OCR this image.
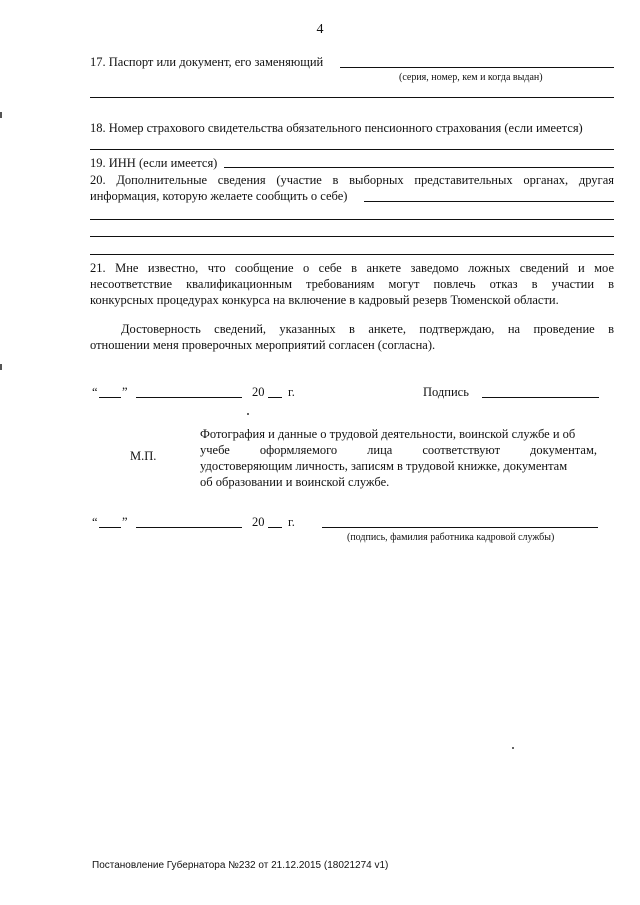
4
17. Паспорт или документ, его заменяющий
(серия, номер, кем и когда выдан)
18. Номер страхового свидетельства обязательного пенсионного страхования (если имеется)
19. ИНН (если имеется)
20. Дополнительные сведения (участие в выборных представительных органах, другая
информация, которую желаете сообщить о себе)
21. Мне известно, что сообщение о себе в анкете заведомо ложных сведений и мое
несоответствие квалификационным требованиям могут повлечь отказ в участии в
конкурсных процедурах конкурса на включение в кадровый резерв Тюменской области.
Достоверность сведений, указанных в анкете, подтверждаю, на проведение в
отношении меня проверочных мероприятий согласен (согласна).
“ ”	20 г.	Подпись
М.П.
Фотография и данные о трудовой деятельности, воинской службе и об
учебе оформляемого лица соответствуют документам,
удостоверяющим личность, записям в трудовой книжке, документам
об образовании и воинской службе.
“ ”	20 г.
(подпись, фамилия работника кадровой службы)
Постановление Губернатора №232 от 21.12.2015 (18021274 v1)
